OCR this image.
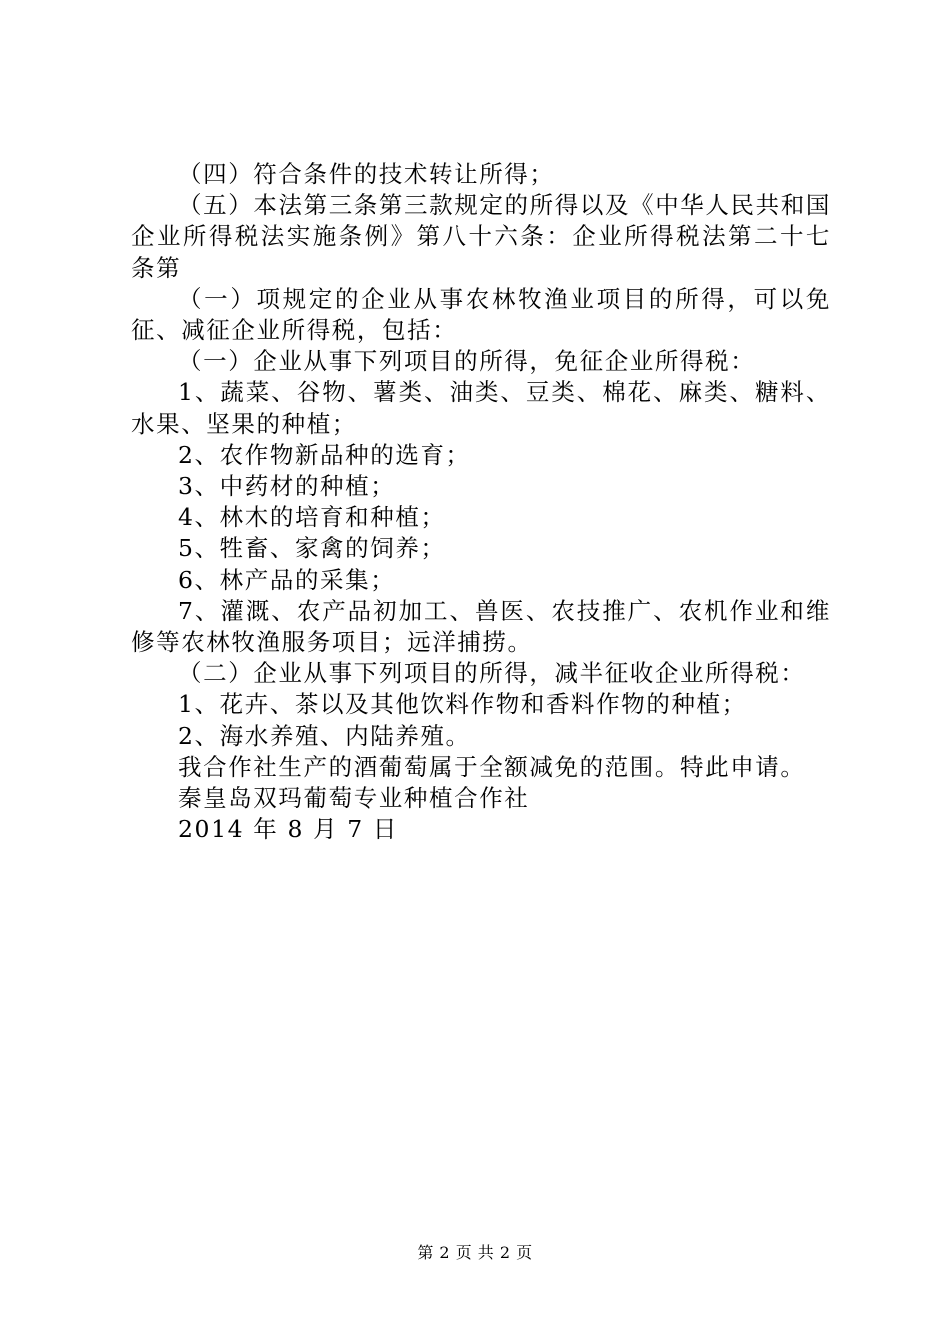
（四）符合条件的技术转让所得；

（五）本法第三条第三款规定的所得以及《中华人民共和国企业所得税法实施条例》第八十六条：企业所得税法第二十七条第

（一）项规定的企业从事农林牧渔业项目的所得，可以免征、减征企业所得税，包括：

（一）企业从事下列项目的所得，免征企业所得税：

1、蔬菜、谷物、薯类、油类、豆类、棉花、麻类、糖料、水果、坚果的种植；

2、农作物新品种的选育；

3、中药材的种植；

4、林木的培育和种植；

5、牲畜、家禽的饲养；

6、林产品的采集；

7、灌溉、农产品初加工、兽医、农技推广、农机作业和维修等农林牧渔服务项目；远洋捕捞。

（二）企业从事下列项目的所得，减半征收企业所得税：

1、花卉、茶以及其他饮料作物和香料作物的种植；

2、海水养殖、内陆养殖。

我合作社生产的酒葡萄属于全额减免的范围。特此申请。

秦皇岛双玛葡萄专业种植合作社

2014 年 8 月 7 日

第 2 页 共 2 页
